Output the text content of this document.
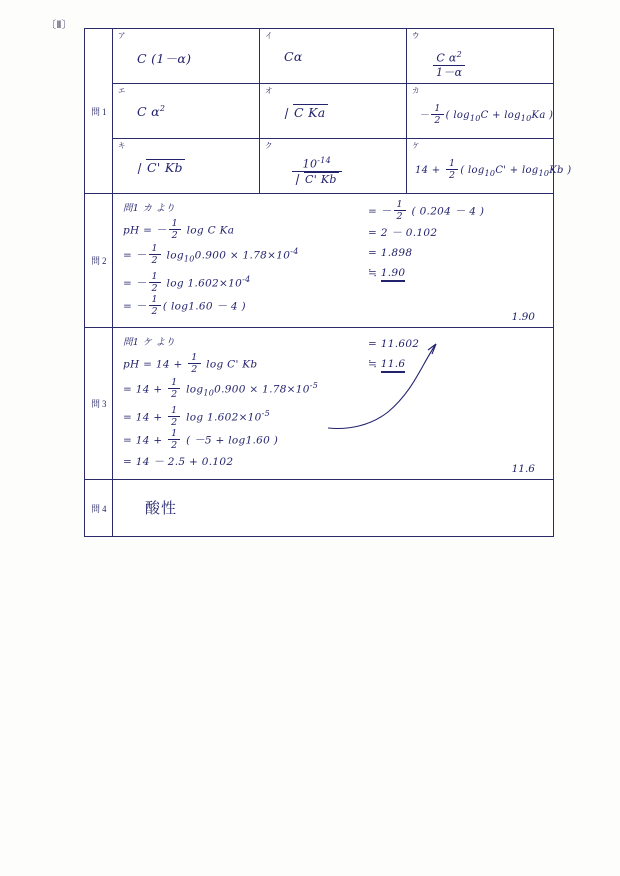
〔Ⅱ〕
問 1
ア
C (1－α)
イ
Cα
ウ
$\frac{C \alpha^2}{1-\alpha}$
エ
C $\alpha^2$
オ
C Ka
カ
－ $\frac{1}{2}$ ( $\log_{10}C + \log_{10}Ka$ )
キ
C' Kb
ク
$\frac{10^{-14}}{C' Kb}$
ケ
$14 + \frac{1}{2}$ ( $\log_{10}C' + \log_{10}Kb$ )
問 2
問1 カ より
pH = － $\frac{1}{2}$ log C Ka
= － $\frac{1}{2} \log_{10}0.900 \times 1.78\times 10^{-4}$
= － $\frac{1}{2}$ $\log 1.602\times 10^{-4}$
= － $\frac{1}{2}$ ( log1.60 － 4 )
= － $\frac{1}{2}$ ( 0.204 － 4 )
= 2 － 0.102
= 1.898
≒ 1.90
1.90
問 3
問1 ケ より
pH = $14 + \frac{1}{2}$ log C' Kb
= $14 + \frac{1}{2} \log_{10}0.900 \times 1.78\times 10^{-5}$
= $14 + \frac{1}{2}$ $\log 1.602\times 10^{-5}$
= $14 + \frac{1}{2}$ ( －5 + log1.60 )
= 14 － 2.5 + 0.102
= 11.602
≒ 11.6
11.6
問 4	酸性
